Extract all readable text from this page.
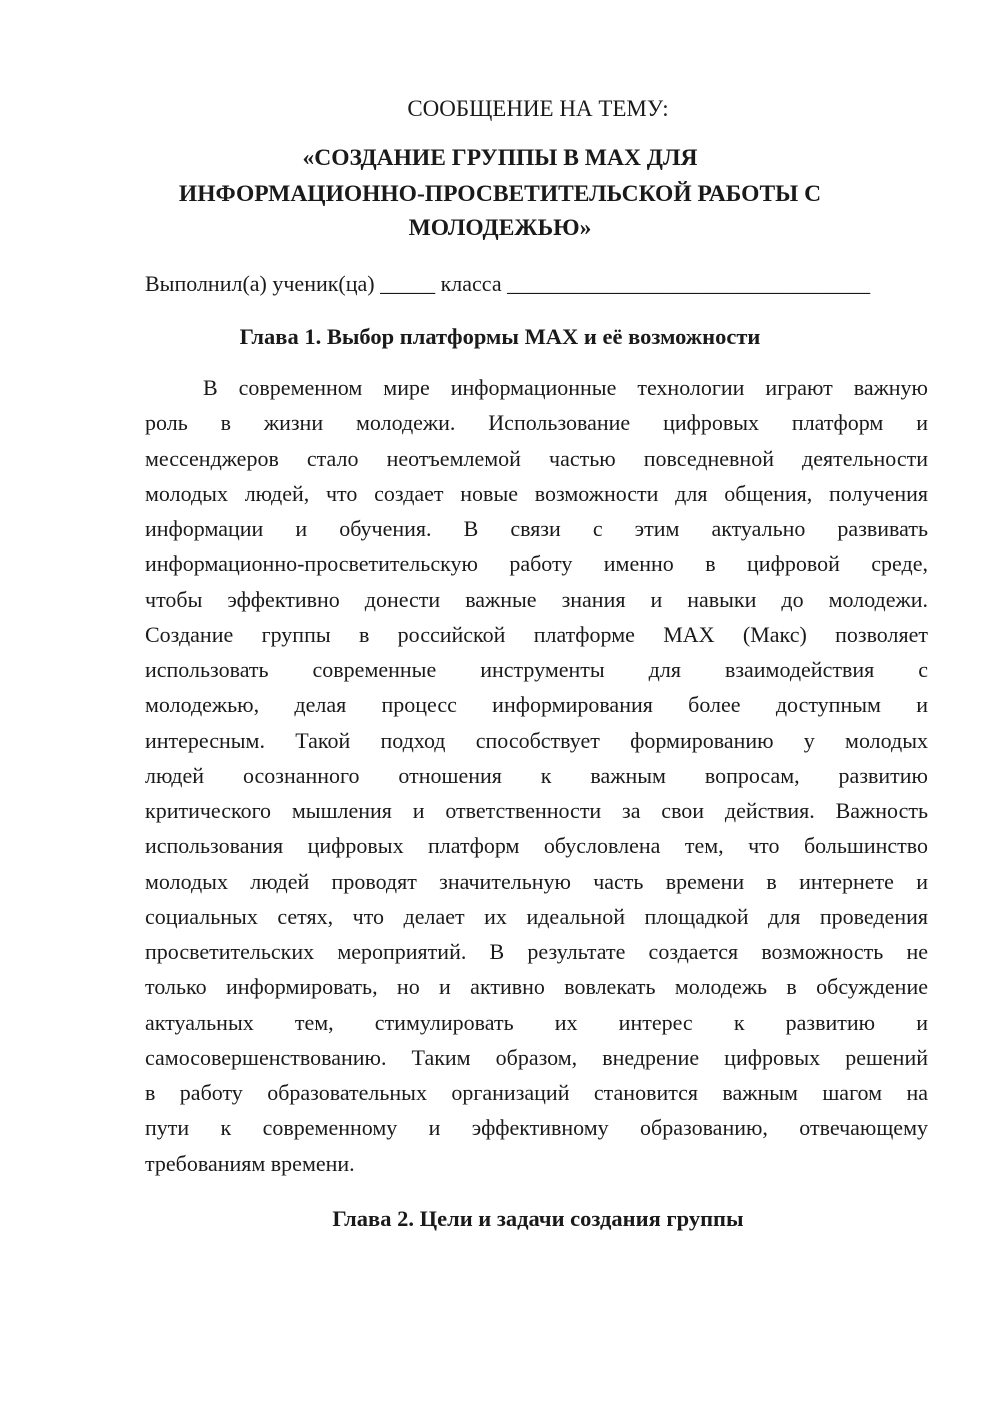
СООБЩЕНИЕ НА ТЕМУ:

«СОЗДАНИЕ ГРУППЫ В MAX ДЛЯ

ИНФОРМАЦИОННО-ПРОСВЕТИТЕЛЬСКОЙ РАБОТЫ С

МОЛОДЕЖЬЮ»

Выполнил(а) ученик(ца) _____ класса _________________________________

Глава 1. Выбор платформы MAX и её возможности

В современном мире информационные технологии играют важную
роль в жизни молодежи. Использование цифровых платформ и
мессенджеров стало неотъемлемой частью повседневной деятельности
молодых людей, что создает новые возможности для общения, получения
информации и обучения. В связи с этим актуально развивать
информационно-просветительскую работу именно в цифровой среде,
чтобы эффективно донести важные знания и навыки до молодежи.
Создание группы в российской платформе MAX (Макс) позволяет
использовать современные инструменты для взаимодействия с
молодежью, делая процесс информирования более доступным и
интересным. Такой подход способствует формированию у молодых
людей осознанного отношения к важным вопросам, развитию
критического мышления и ответственности за свои действия. Важность
использования цифровых платформ обусловлена тем, что большинство
молодых людей проводят значительную часть времени в интернете и
социальных сетях, что делает их идеальной площадкой для проведения
просветительских мероприятий. В результате создается возможность не
только информировать, но и активно вовлекать молодежь в обсуждение
актуальных тем, стимулировать их интерес к развитию и
самосовершенствованию. Таким образом, внедрение цифровых решений
в работу образовательных организаций становится важным шагом на
пути к современному и эффективному образованию, отвечающему
требованиям времени.

Глава 2. Цели и задачи создания группы
